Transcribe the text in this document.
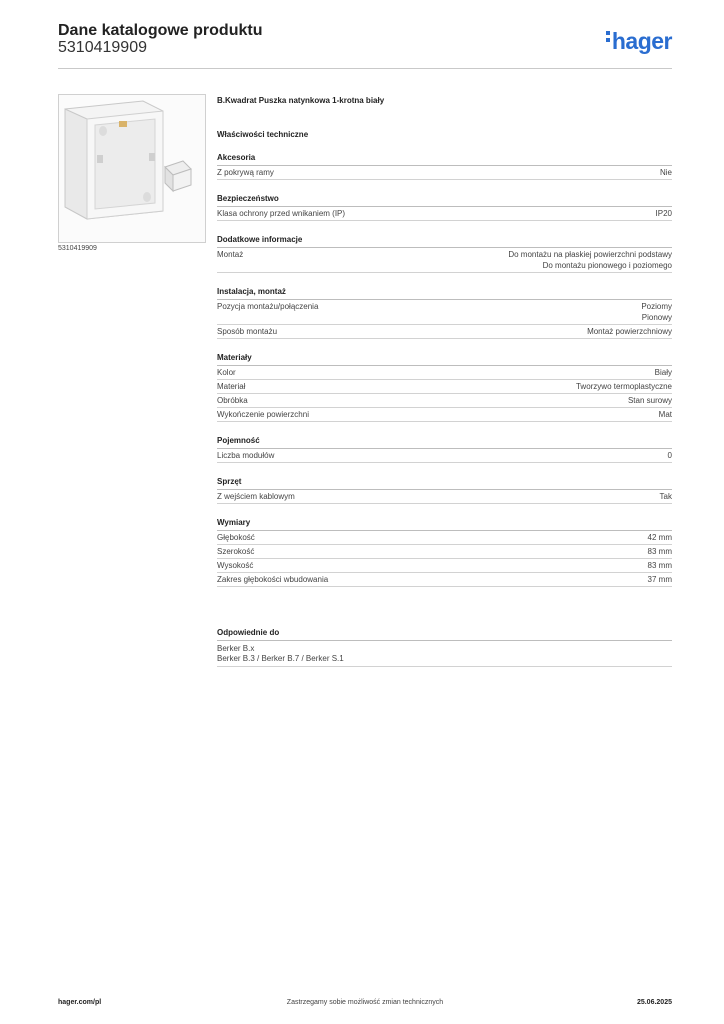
Dane katalogowe produktu
5310419909	hager
5310419909
B.Kwadrat Puszka natynkowa 1-krotna biały
Właściwości techniczne
Akcesoria
Z pokrywą ramy	Nie
Bezpieczeństwo
Klasa ochrony przed wnikaniem (IP)	IP20
Dodatkowe informacje
Montaż	Do montażu na płaskiej powierzchni podstawy
Do montażu pionowego i poziomego
Instalacja, montaż
Pozycja montażu/połączenia	Poziomy
Pionowy
Sposób montażu	Montaż powierzchniowy
Materiały
Kolor	Biały
Materiał	Tworzywo termoplastyczne
Obróbka	Stan surowy
Wykończenie powierzchni	Mat
Pojemność
Liczba modułów	0
Sprzęt
Z wejściem kablowym	Tak
Wymiary
Głębokość	42 mm
Szerokość	83 mm
Wysokość	83 mm
Zakres głębokości wbudowania	37 mm
Odpowiednie do
Berker B.x
Berker B.3 / Berker B.7 / Berker S.1
hager.com/pl	Zastrzegamy sobie możliwość zmian technicznych	25.06.2025
